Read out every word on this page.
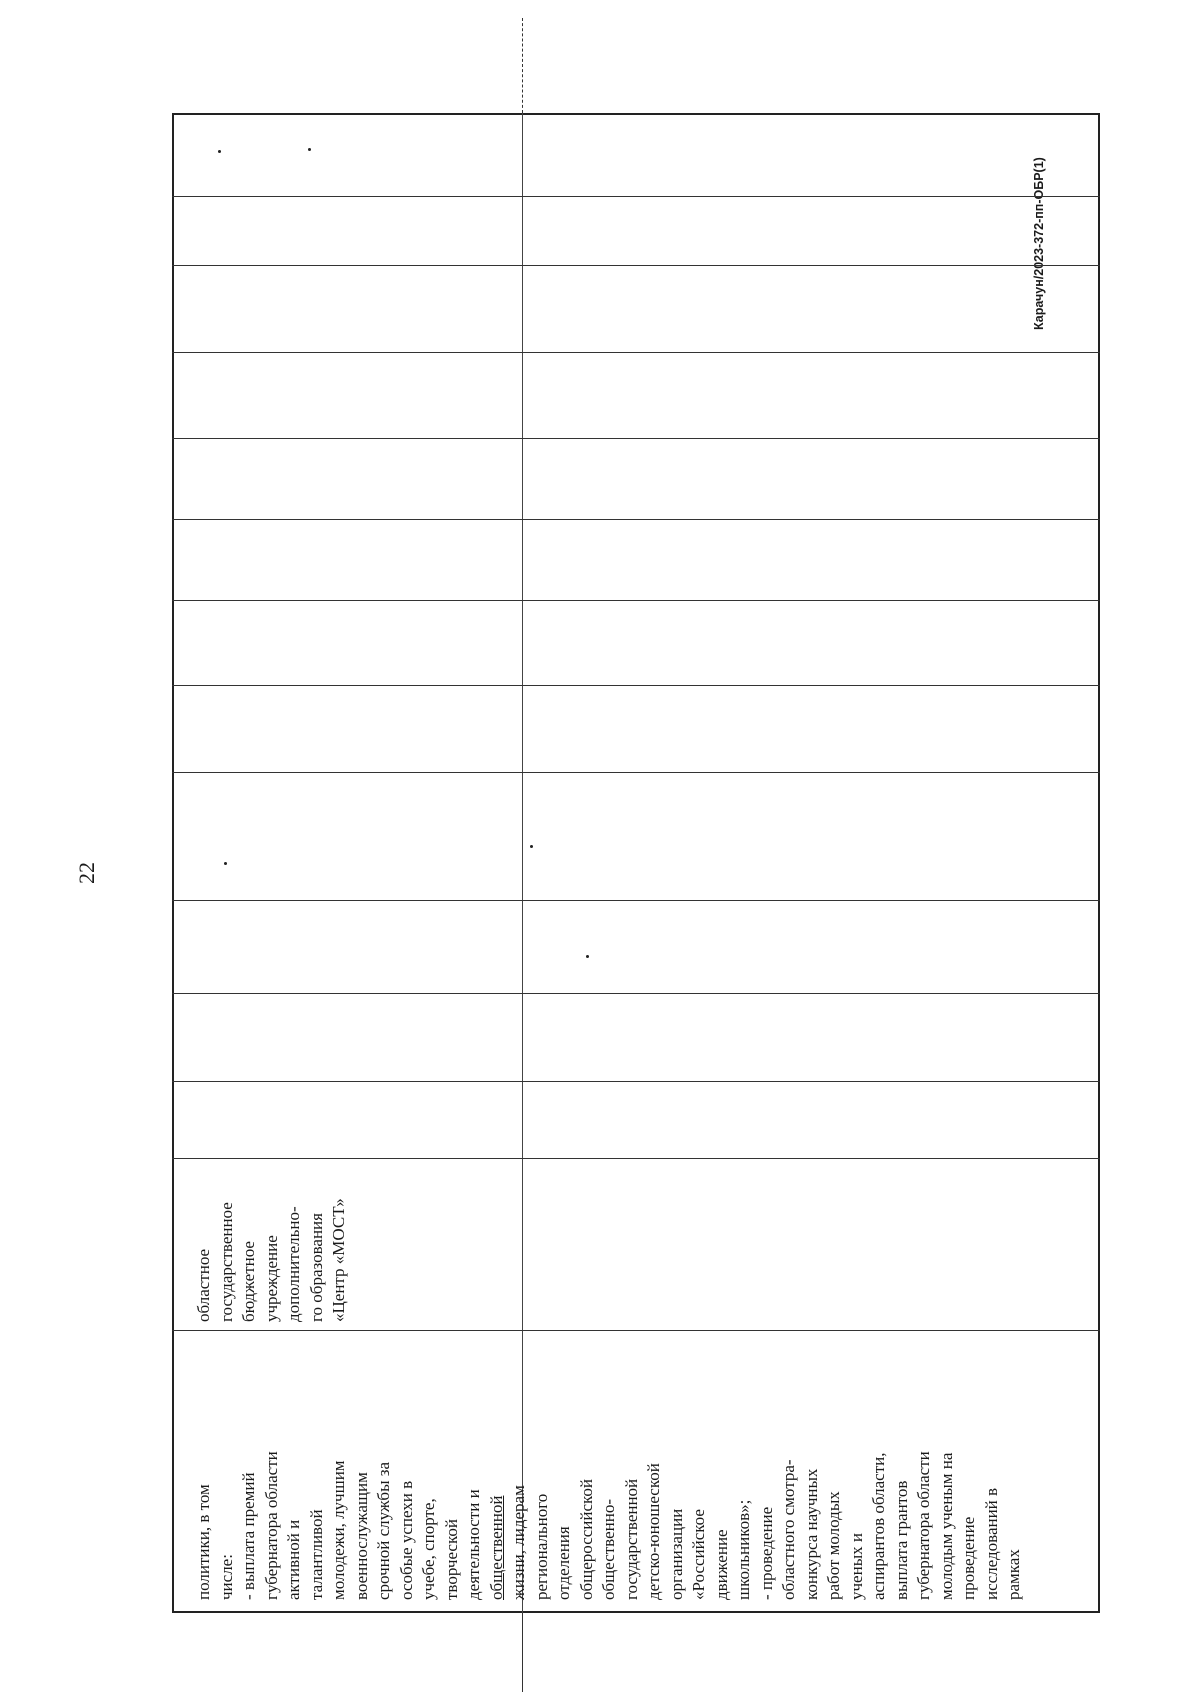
22
Карачун/2023-372-пп-ОБР(1)
областное государственное бюджетное учреждение дополнительно- го образования «Центр «МОСТ»
политики, в том числе: - выплата премий губернатора области активной и талантливой молодежи, лучшим военнослужащим срочной службы за особые успехи в учебе, спорте, творческой деятельности и общественной жизни, лидерам регионального отделения общероссийской общественно- государственной детско-юношеской организации «Российское движение школьников»; - проведение областного смотра- конкурса научных работ молодых ученых и аспирантов области, выплата грантов губернатора области молодым ученым на проведение исследований в рамках
